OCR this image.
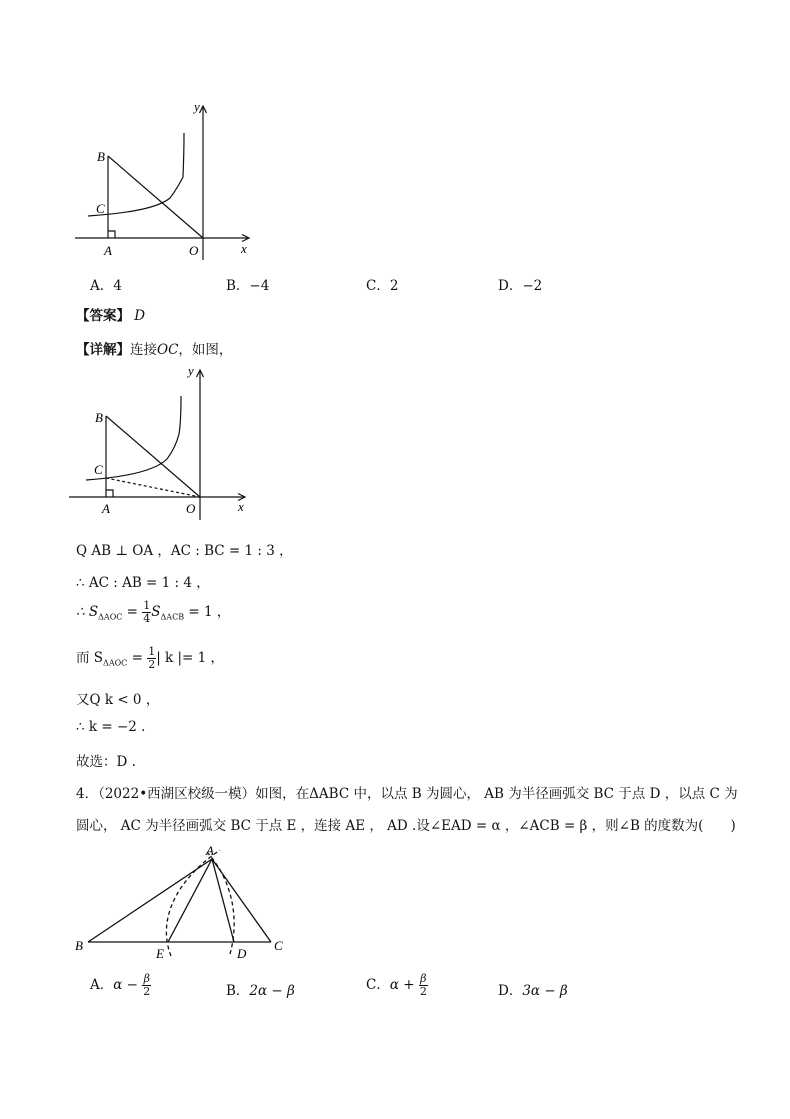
y
B
C
A	O	x
A．4	B．−4	C．2	D．−2
【答案】 D
【详解】连接OC，如图，
y
B
C
A	O	x
Q AB ⊥ OA ，AC : BC = 1 : 3 ，
∴ AC : AB = 1 : 4 ，
∴ $S_{\Delta AOC} = \frac{1}{4} S_{\Delta ACB} = 1$ ，
而 $S_{\Delta AOC} = \frac{1}{2}$ | k |= 1 ，
又Q k < 0 ，
∴ k = −2 .
故选：D .
4．（2022•西湖区校级一模）如图，在ΔABC 中，以点 B 为圆心， AB 为半径画弧交 BC 于点 D ，以点 C 为
圆心， AC 为半径画弧交 BC 于点 E ，连接 AE ， AD .设∠EAD = α ，∠ACB = β ，则∠B 的度数为(　　)
A
B
E	D
C
A．$\alpha - \frac{\beta}{2}$	B．2α − β	C．$\alpha + \frac{\beta}{2}$	D．3α − β
